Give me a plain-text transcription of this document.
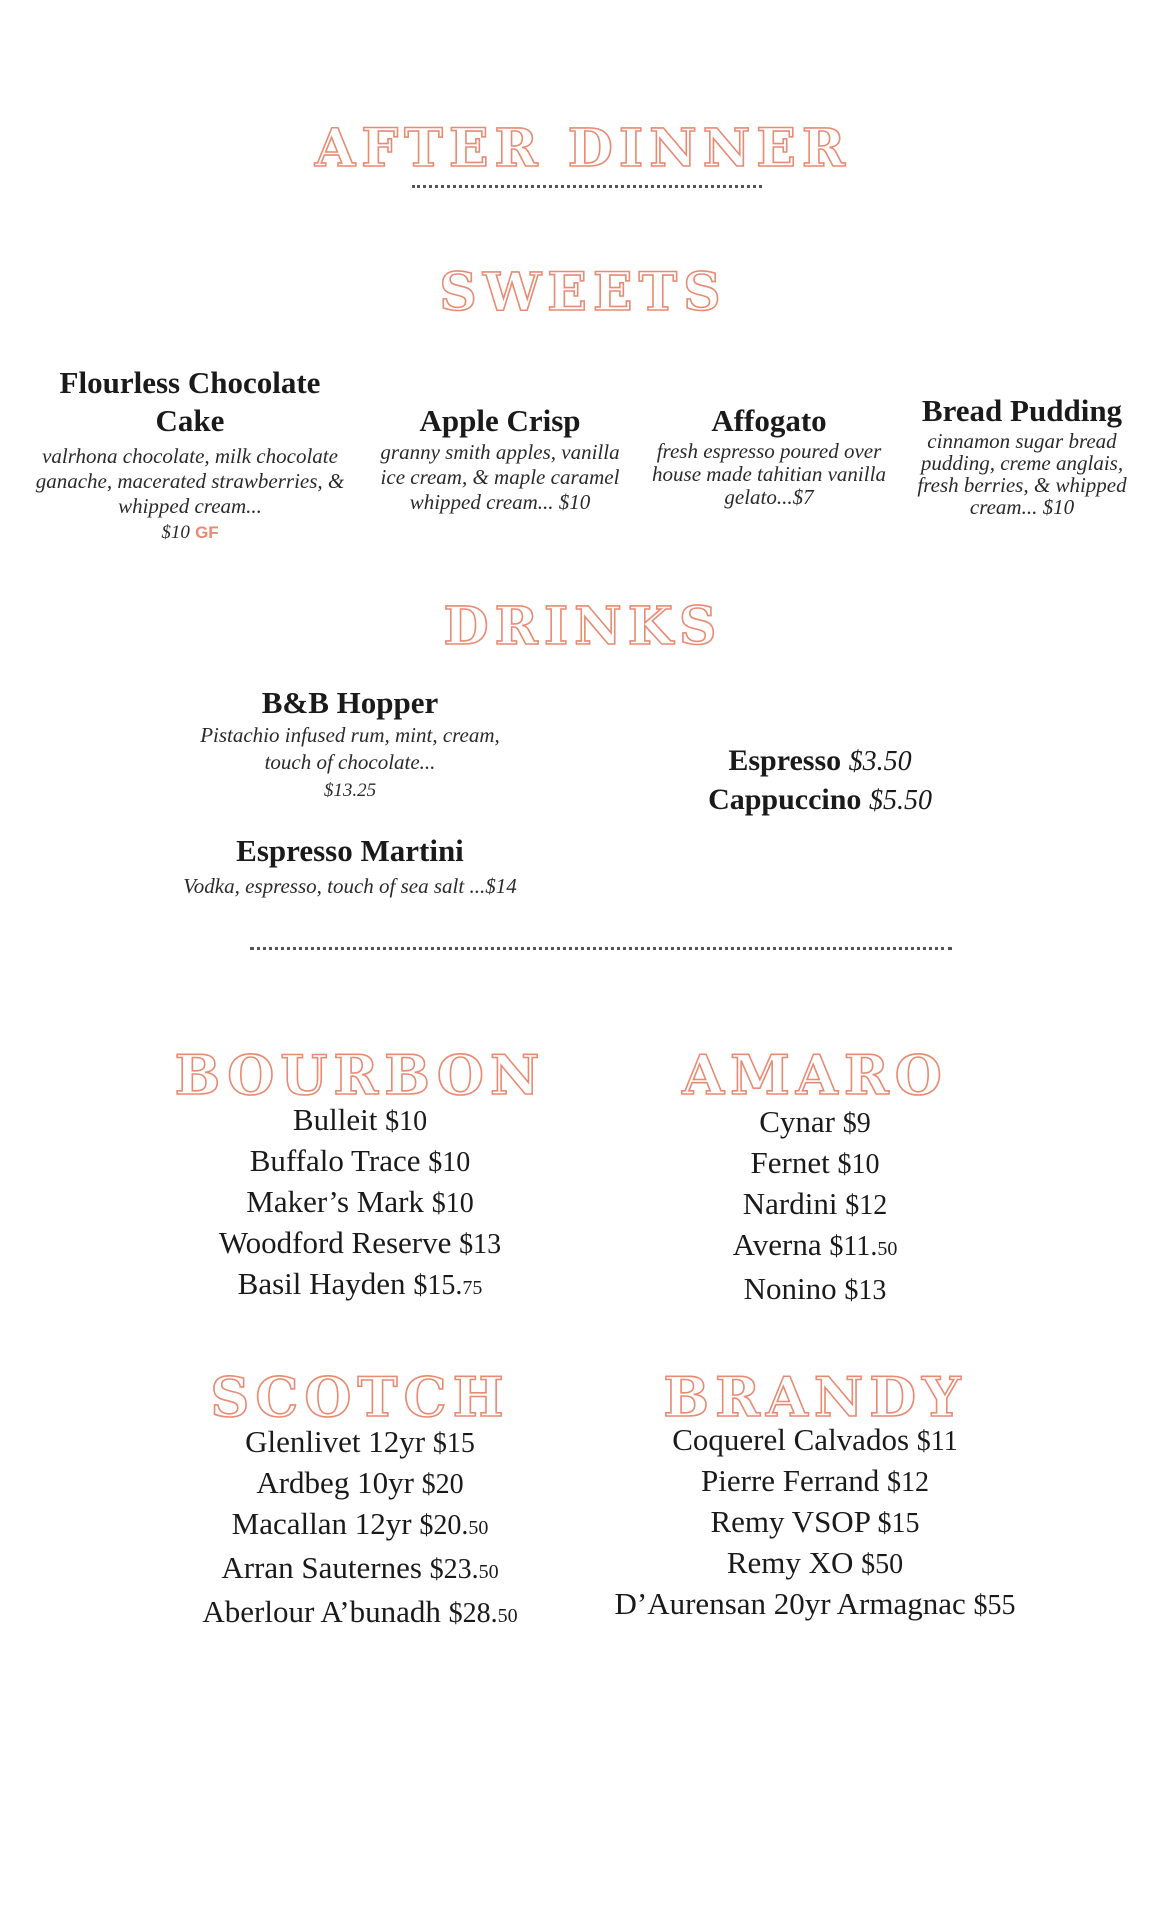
AFTER DINNER
SWEETS
Flourless Chocolate Cake
valrhona chocolate, milk chocolate ganache, macerated strawberries, & whipped cream...
$10 GF
Apple Crisp
granny smith apples, vanilla ice cream, & maple caramel whipped cream... $10
Affogato
fresh espresso poured over house made tahitian vanilla gelato...$7
Bread Pudding
cinnamon sugar bread pudding, creme anglais, fresh berries, & whipped cream... $10
DRINKS
B&B Hopper
Pistachio infused rum, mint, cream, touch of chocolate...
$13.25
Espresso Martini
Vodka, espresso, touch of sea salt ...$14
Espresso $3.50
Cappuccino $5.50
BOURBON
Bulleit $10
Buffalo Trace $10
Maker’s Mark $10
Woodford Reserve $13
Basil Hayden $15.75
AMARO
Cynar $9
Fernet $10
Nardini $12
Averna $11.50
Nonino $13
SCOTCH
Glenlivet 12yr $15
Ardbeg 10yr $20
Macallan 12yr $20.50
Arran Sauternes $23.50
Aberlour A’bunadh $28.50
BRANDY
Coquerel Calvados $11
Pierre Ferrand $12
Remy VSOP $15
Remy XO $50
D’Aurensan 20yr Armagnac $55
